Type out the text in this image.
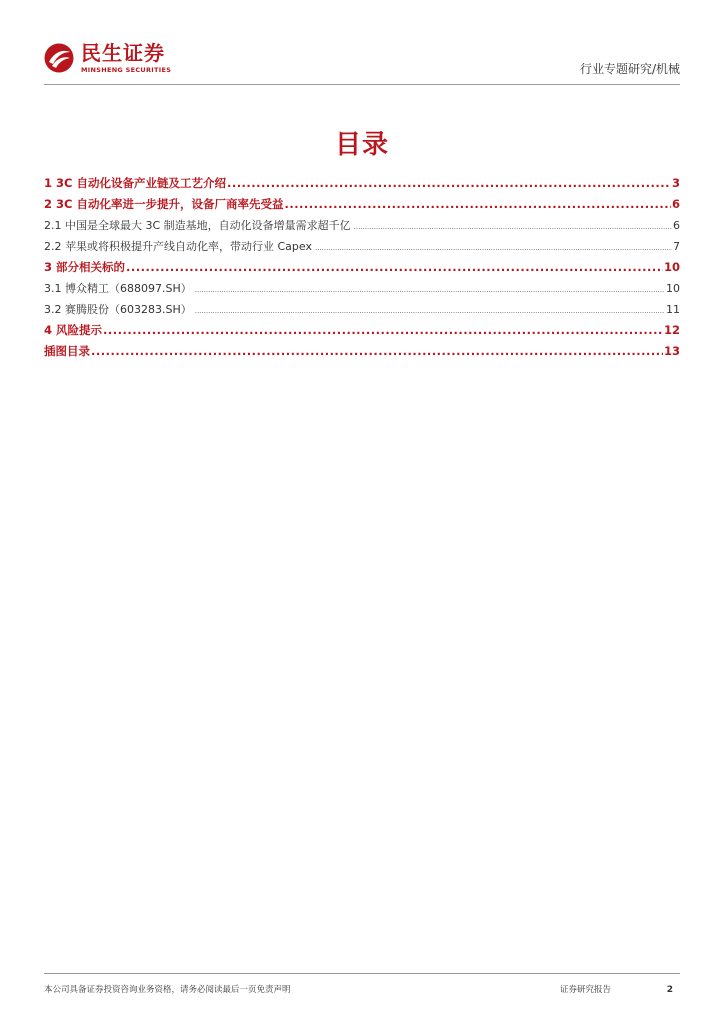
民生证券
MINSHENG SECURITIES	行业专题研究/机械
目录
1 3C 自动化设备产业链及工艺介绍 .....	3
2 3C 自动化率进一步提升，设备厂商率先受益 .....	6
2.1 中国是全球最大 3C 制造基地，自动化设备增量需求超千亿 .....	6
2.2 苹果或将积极提升产线自动化率，带动行业 Capex .....	7
3 部分相关标的 .....	10
3.1 博众精工（688097.SH） .....	10
3.2 赛腾股份（603283.SH） .....	11
4 风险提示 .....	12
插图目录 .....	13
本公司具备证券投资咨询业务资格，请务必阅读最后一页免责声明	证券研究报告	2
